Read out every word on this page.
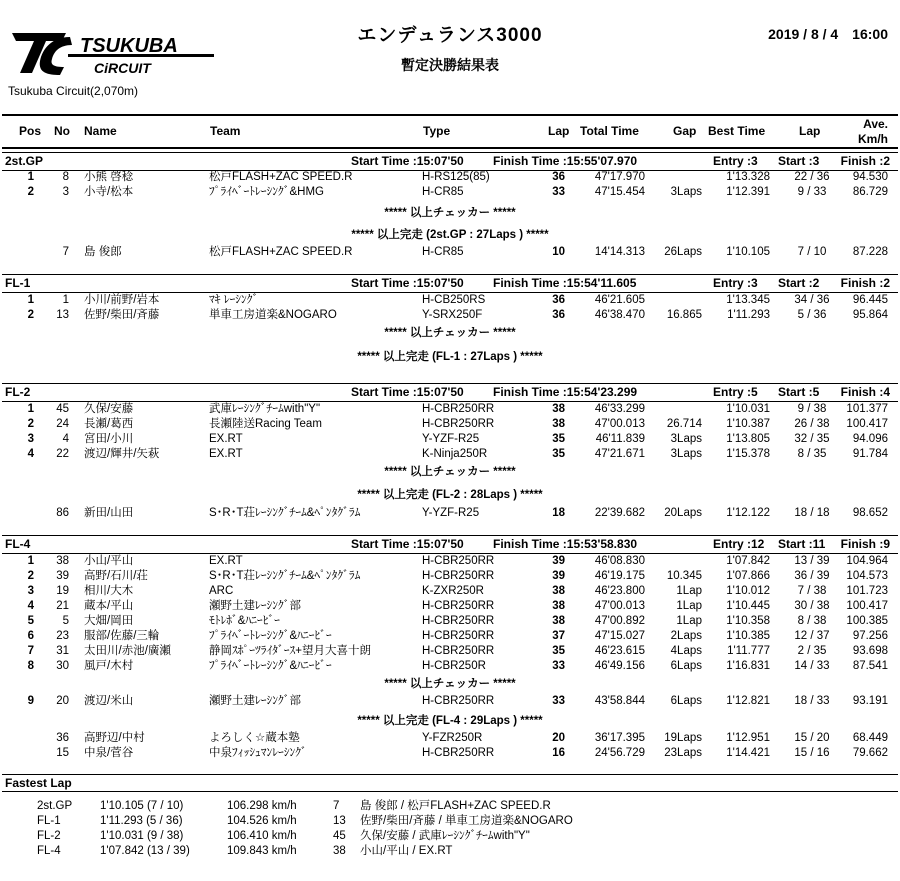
TSUKUBA
CiRCUIT
Tsukuba Circuit(2,070m)
エンデュランス3000
暫定決勝結果表
2019 / 8 / 4　16:00
Pos No Name	Team	Type	Lap Total Time	Gap Best Time	Lap	Ave.
Km/h
2st.GP	Start Time :15:07'50 Finish Time :15:55'07.970	Entry :3 Start :3 Finish :2
1 8 小熊 啓稔	松戸FLASH+ZAC SPEED.R	H-RS125(85)	36	47'17.970	1'13.328	22 / 36	94.530
2 3 小寺/松本	ﾌﾟﾗｲﾍﾞｰﾄﾚｰｼﾝｸﾞ&HMG	H-CR85	33	47'15.454 3Laps 1'12.391	9 / 33	86.729
***** 以上チェッカー *****
***** 以上完走 (2st.GP : 27Laps ) *****
7 島 俊郎	松戸FLASH+ZAC SPEED.R	H-CR85	10	14'14.313 26Laps 1'10.105	7 / 10	87.228
FL-1	Start Time :15:07'50 Finish Time :15:54'11.605	Entry :3 Start :2 Finish :2
1 1 小川/前野/岩本	ﾏｷ ﾚｰｼﾝｸﾞ	H-CB250RS	36	46'21.605	1'13.345	34 / 36	96.445
2 13 佐野/柴田/斉藤	単車工房道楽&NOGARO	Y-SRX250F	36	46'38.470 16.865 1'11.293	5 / 36	95.864
***** 以上チェッカー *****
***** 以上完走 (FL-1 : 27Laps ) *****
FL-2	Start Time :15:07'50 Finish Time :15:54'23.299	Entry :5 Start :5 Finish :4
1 45 久保/安藤	武庫ﾚｰｼﾝｸﾞﾁｰﾑwith"Y"	H-CBR250RR	38	46'33.299	1'10.031	9 / 38	101.377
2 24 長瀬/葛西	長瀬陸送Racing Team	H-CBR250RR	38	47'00.013 26.714 1'10.387	26 / 38	100.417
3 4 宮田/小川	EX.RT	Y-YZF-R25	35	46'11.839 3Laps 1'13.805	32 / 35	94.096
4 22 渡辺/輝井/矢萩	EX.RT	K-Ninja250R	35	47'21.671 3Laps 1'15.378	8 / 35	91.784
***** 以上チェッカー *****
***** 以上完走 (FL-2 : 28Laps ) *****
86 新田/山田	S･R･T荘ﾚｰｼﾝｸﾞﾁｰﾑ&ﾍﾟﾝﾀｸﾞﾗﾑ	Y-YZF-R25	18	22'39.682 20Laps 1'12.122	18 / 18	98.652
FL-4	Start Time :15:07'50 Finish Time :15:53'58.830	Entry :12 Start :11 Finish :9
1 38 小山/平山	EX.RT	H-CBR250RR	39	46'08.830	1'07.842	13 / 39	104.964
2 39 高野/石川/荘	S･R･T荘ﾚｰｼﾝｸﾞﾁｰﾑ&ﾍﾟﾝﾀｸﾞﾗﾑ	H-CBR250RR	39	46'19.175 10.345 1'07.866	36 / 39	104.573
3 19 相川/大木	ARC	K-ZXR250R	38	46'23.800	1Lap 1'10.012	7 / 38	101.723
4 21 蔵本/平山	瀬野土建ﾚｰｼﾝｸﾞ部	H-CBR250RR	38	47'00.013	1Lap 1'10.445	30 / 38	100.417
5 5 大畑/岡田	ﾓﾄﾚﾎﾞ&ﾊﾆｰﾋﾞｰ	H-CBR250RR	38	47'00.892	1Lap 1'10.358	8 / 38	100.385
6 23 服部/佐藤/三輪	ﾌﾟﾗｲﾍﾞｰﾄﾚｰｼﾝｸﾞ&ﾊﾆｰﾋﾞｰ	H-CBR250RR	37	47'15.027 2Laps 1'10.385	12 / 37	97.256
7 31 太田川/赤池/廣瀬	静岡ｽﾎﾟｰﾂﾗｲﾀﾞｰｽ+望月大喜十朗	H-CBR250RR	35	46'23.615 4Laps 1'11.777	2 / 35	93.698
8 30 風戸/木村	ﾌﾟﾗｲﾍﾞｰﾄﾚｰｼﾝｸﾞ&ﾊﾆｰﾋﾞｰ	H-CBR250R	33	46'49.156 6Laps 1'16.831	14 / 33	87.541
***** 以上チェッカー *****
9 20 渡辺/米山	瀬野土建ﾚｰｼﾝｸﾞ部	H-CBR250RR	33	43'58.844 6Laps 1'12.821	18 / 33	93.191
***** 以上完走 (FL-4 : 29Laps ) *****
36 高野辺/中村	よろしく☆蔵本塾	Y-FZR250R	20	36'17.395 19Laps 1'12.951	15 / 20	68.449
15 中泉/菅谷	中泉ﾌｨｯｼｭﾏﾝﾚｰｼﾝｸﾞ	H-CBR250RR	16	24'56.729 23Laps 1'14.421	15 / 16	79.662
Fastest Lap
2st.GP 1'10.105 (7 / 10)	106.298 km/h	7 島 俊郎 / 松戸FLASH+ZAC SPEED.R
FL-1	1'11.293 (5 / 36)	104.526 km/h	13 佐野/柴田/斉藤 / 単車工房道楽&NOGARO
FL-2	1'10.031 (9 / 38)	106.410 km/h	45 久保/安藤 / 武庫ﾚｰｼﾝｸﾞﾁｰﾑwith"Y"
FL-4	1'07.842 (13 / 39)	109.843 km/h	38 小山/平山 / EX.RT
